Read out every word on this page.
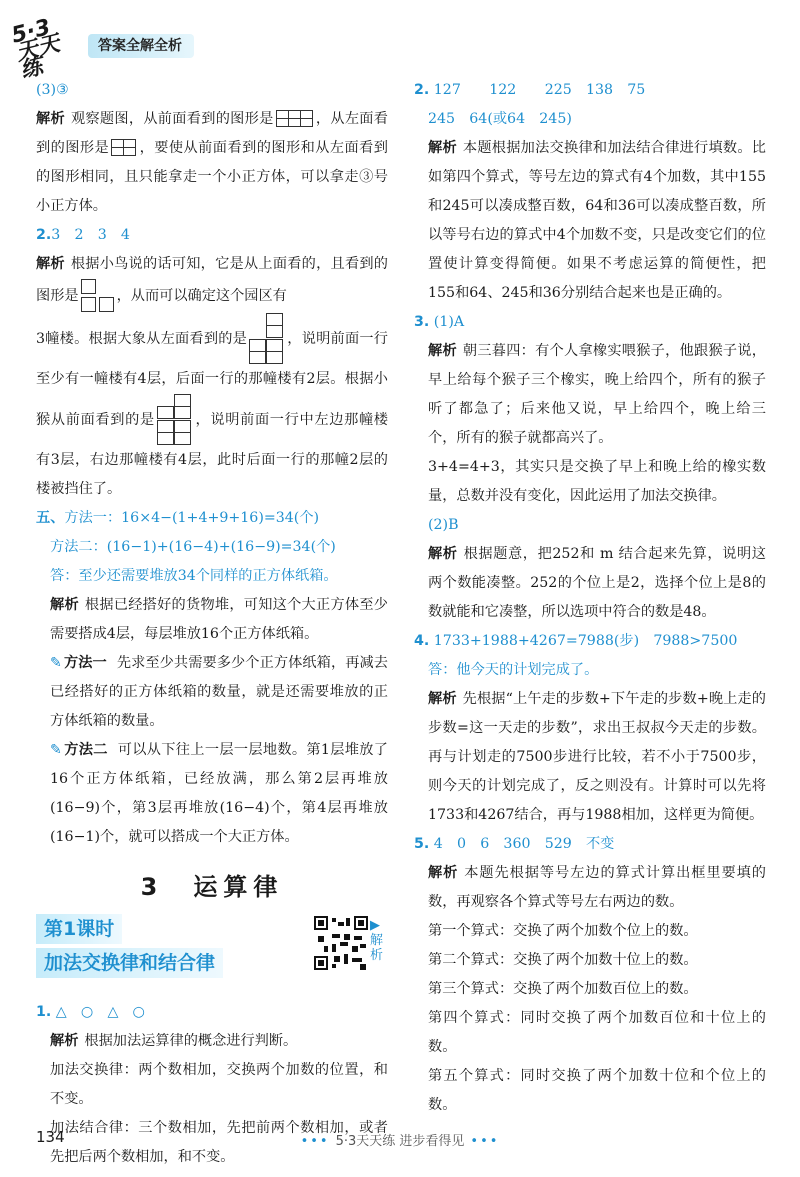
5·3 天天练
答案全解全析

(3)③

解析 观察题图，从前面看到的图形是	，从左面看到的图形是 ，要使从前面看到的图形和从左面看到的图形相同，且只能拿走一个小正方体，可以拿走③号小正方体。

2.3　2　3　4

解析 根据小鸟说的话可知，它是从上面看的，且看到的图形是	，从而可以确定这个园区有
3幢楼。根据大象从左面看到的是	，说明前面一行至少有一幢楼有4层，后面一行的那幢楼有2层。根据小猴从前面看到的是	，说明前面一行中左边那幢楼有3层，右边那幢楼有4层，此时后面一行的那幢2层的楼被挡住了。

五、方法一：16×4−(1+4+9+16)=34(个)

方法二：(16−1)+(16−4)+(16−9)=34(个)

答：至少还需要堆放34个同样的正方体纸箱。

解析 根据已经搭好的货物堆，可知这个大正方体至少需要搭成4层，每层堆放16个正方体纸箱。

✎ 方法一 先求至少共需要多少个正方体纸箱，再减去已经搭好的正方体纸箱的数量，就是还需要堆放的正方体纸箱的数量。

✎ 方法二 可以从下往上一层一层地数。第1层堆放了16个正方体纸箱，已经放满，那么第2层再堆放(16−9)个，第3层再堆放(16−4)个，第4层再堆放(16−1)个，就可以搭成一个大正方体。

3　运算律
第1课时
加法交换律和结合律
▶
解析

1. △　○　△　○

解析 根据加法运算律的概念进行判断。

加法交换律：两个数相加，交换两个加数的位置，和不变。

加法结合律：三个数相加，先把前两个数相加，或者先把后两个数相加，和不变。

2. 127　　122　　225　138　75

245　64(或64　245)

解析 本题根据加法交换律和加法结合律进行填数。比如第四个算式，等号左边的算式有4个加数，其中155和245可以凑成整百数，64和36可以凑成整百数，所以等号右边的算式中4个加数不变，只是改变它们的位置使计算变得简便。如果不考虑运算的简便性，把155和64、245和36分别结合起来也是正确的。

3. (1)A

解析 朝三暮四：有个人拿橡实喂猴子，他跟猴子说，早上给每个猴子三个橡实，晚上给四个，所有的猴子听了都急了；后来他又说，早上给四个，晚上给三个，所有的猴子就都高兴了。

3+4=4+3，其实只是交换了早上和晚上给的橡实数量，总数并没有变化，因此运用了加法交换律。

(2)B

解析 根据题意，把252和 m 结合起来先算，说明这两个数能凑整。252的个位上是2，选择个位上是8的数就能和它凑整，所以选项中符合的数是48。

4. 1733+1988+4267=7988(步)　7988>7500

答：他今天的计划完成了。

解析 先根据“上午走的步数+下午走的步数+晚上走的步数=这一天走的步数”，求出王叔叔今天走的步数。再与计划走的7500步进行比较，若不小于7500步，则今天的计划完成了，反之则没有。计算时可以先将1733和4267结合，再与1988相加，这样更为简便。

5. 4　0　6　360　529　不变

解析 本题先根据等号左边的算式计算出框里要填的数，再观察各个算式等号左右两边的数。

第一个算式：交换了两个加数个位上的数。

第二个算式：交换了两个加数十位上的数。

第三个算式：交换了两个加数百位上的数。

第四个算式：同时交换了两个加数百位和十位上的数。

第五个算式：同时交换了两个加数十位和个位上的数。

134	••• 5·3天天练 进步看得见 •••
